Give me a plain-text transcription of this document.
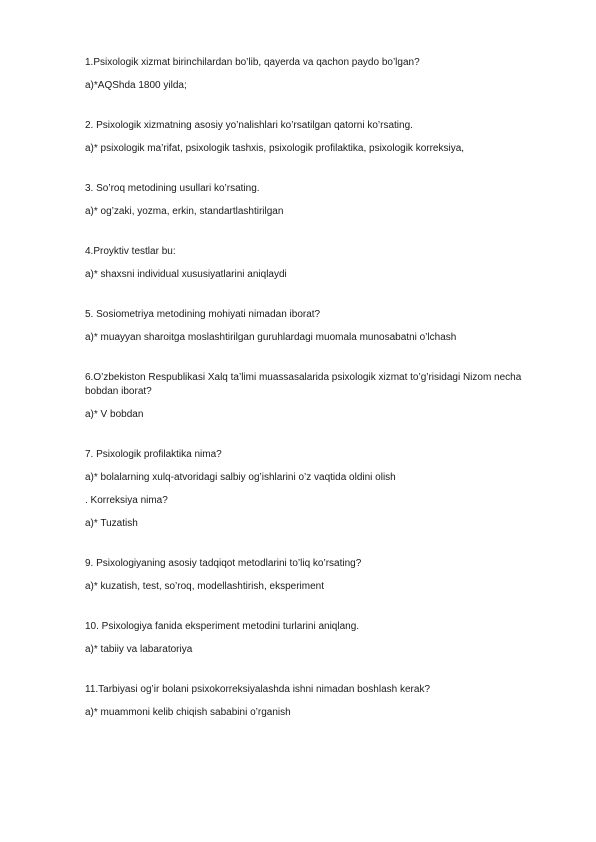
1.Psixologik xizmat birinchilardan bo’lib, qayerda va qachon paydo bo’lgan?

a)*AQShda 1800 yilda;

2. Psixologik xizmatning asosiy yo’nalishlari ko’rsatilgan qatorni ko’rsating.

a)* psixologik ma’rifat, psixologik tashxis, psixologik profilaktika, psixologik korreksiya,

3. So’roq metodining usullari ko’rsating.

a)* og’zaki, yozma, erkin, standartlashtirilgan

4.Proyktiv testlar bu:

a)* shaxsni individual xususiyatlarini aniqlaydi

5. Sosiometriya metodining mohiyati nimadan iborat?

a)* muayyan sharoitga moslashtirilgan guruhlardagi muomala munosabatni o’lchash

6.O’zbekiston Respublikasi Xalq ta’limi muassasalarida psixologik xizmat to’g’risidagi Nizom necha bobdan iborat?

a)* V bobdan

7. Psixologik profilaktika nima?

a)* bolalarning xulq-atvoridagi salbiy og’ishlarini o’z vaqtida oldini olish

. Korreksiya nima?

a)* Tuzatish

9. Psixologiyaning asosiy tadqiqot metodlarini to’liq ko’rsating?

a)* kuzatish, test, so’roq, modellashtirish, eksperiment

10. Psixologiya fanida eksperiment metodini turlarini aniqlang.

a)* tabiiy va labaratoriya

11.Tarbiyasi og’ir bolani psixokorreksiyalashda ishni nimadan boshlash kerak?

a)* muammoni kelib chiqish sababini o’rganish
